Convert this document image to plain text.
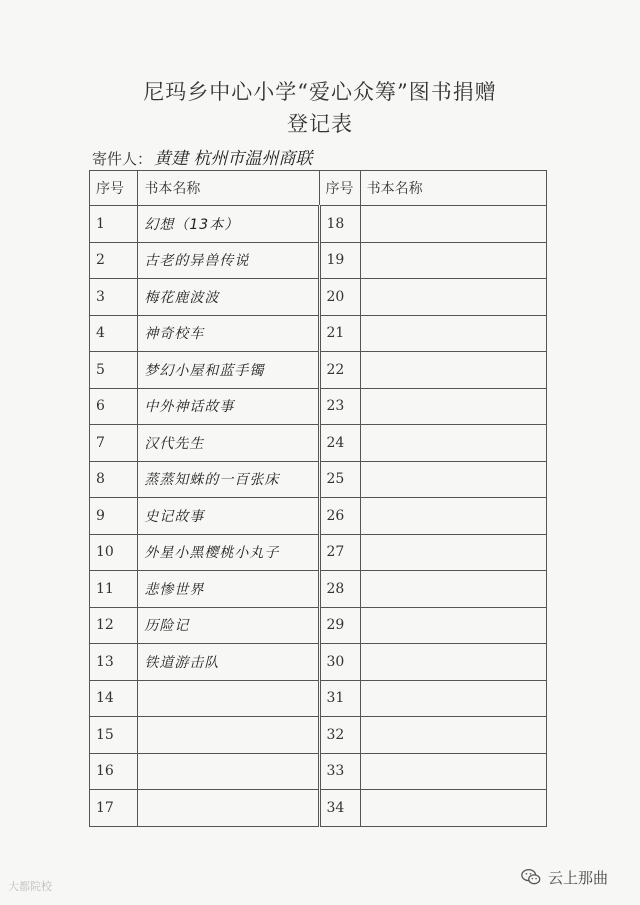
尼玛乡中心小学“爱心众筹”图书捐赠
登记表
寄件人： 黄建 杭州市温州商联
序号	书本名称	序号	书本名称
1	幻想（13本）	18	
2	古老的异兽传说	19	
3	梅花鹿波波	20	
4	神奇校车	21	
5	梦幻小屋和蓝手镯	22	
6	中外神话故事	23	
7	汉代先生	24	
8	蒸蒸知蛛的一百张床	25	
9	史记故事	26	
10	外星小黑樱桃小丸子	27	
11	悲惨世界	28	
12	历险记	29	
13	铁道游击队	30	
14		31	
15		32	
16		33	
17		34	
大都院校	云上那曲
